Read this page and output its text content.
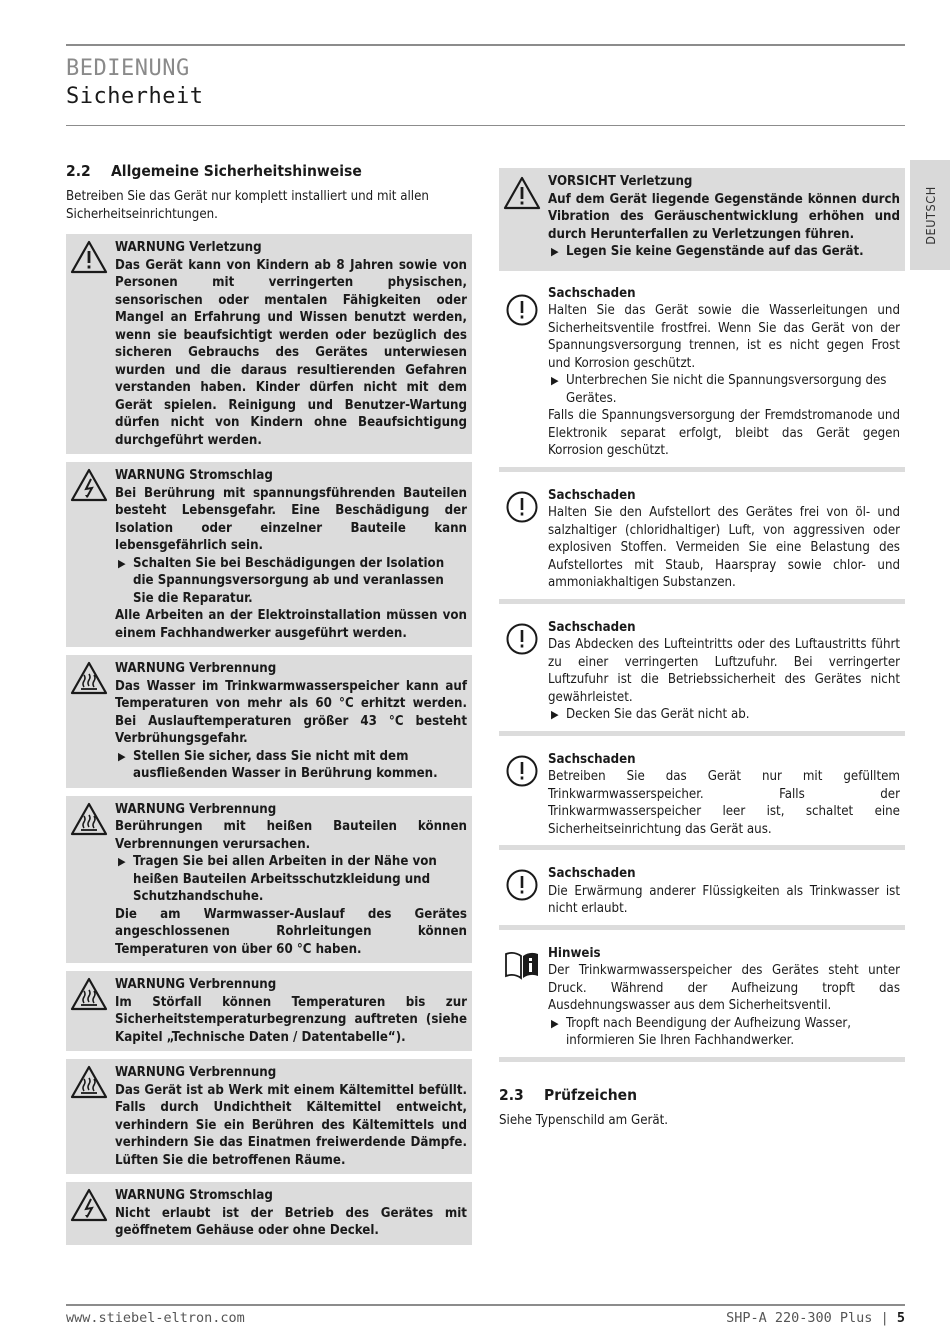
BEDIENUNG
Sicherheit
DEUTSCH
2.2	Allgemeine Sicherheitshinweise

Betreiben Sie das Gerät nur komplett installiert und mit allen Sicherheitseinrichtungen.

WARNUNG Verletzung

Das Gerät kann von Kindern ab 8 Jahren sowie von Personen mit verringerten physischen, sensorischen oder mentalen Fähigkeiten oder Mangel an Erfahrung und Wissen benutzt werden, wenn sie beaufsichtigt werden oder bezüglich des sicheren Gebrauchs des Gerätes unterwiesen wurden und die daraus resultierenden Gefahren verstanden haben. Kinder dürfen nicht mit dem Gerät spielen. Reinigung und Benutzer-Wartung dürfen nicht von Kindern ohne Beaufsichtigung durchgeführt werden.

WARNUNG Stromschlag

Bei Berührung mit spannungsführenden Bauteilen besteht Lebensgefahr. Eine Beschädigung der Isolation oder einzelner Bauteile kann lebensgefährlich sein.

▶ Schalten Sie bei Beschädigungen der Isolation die Spannungsversorgung ab und veranlassen Sie die Reparatur.

Alle Arbeiten an der Elektroinstallation müssen von einem Fachhandwerker ausgeführt werden.

WARNUNG Verbrennung

Das Wasser im Trinkwarmwasserspeicher kann auf Temperaturen von mehr als 60 °C erhitzt werden. Bei Auslauftemperaturen größer 43 °C besteht Verbrühungsgefahr.

▶ Stellen Sie sicher, dass Sie nicht mit dem ausfließenden Wasser in Berührung kommen.

WARNUNG Verbrennung

Berührungen mit heißen Bauteilen können Verbrennungen verursachen.

▶ Tragen Sie bei allen Arbeiten in der Nähe von heißen Bauteilen Arbeitsschutzkleidung und Schutzhandschuhe.

Die am Warmwasser-Auslauf des Gerätes angeschlossenen Rohrleitungen können Temperaturen von über 60 °C haben.

WARNUNG Verbrennung

Im Störfall können Temperaturen bis zur Sicherheitstemperaturbegrenzung auftreten (siehe Kapitel „Technische Daten / Datentabelle“).

WARNUNG Verbrennung

Das Gerät ist ab Werk mit einem Kältemittel befüllt. Falls durch Undichtheit Kältemittel entweicht, verhindern Sie ein Berühren des Kältemittels und verhindern Sie das Einatmen freiwerdende Dämpfe. Lüften Sie die betroffenen Räume.

WARNUNG Stromschlag

Nicht erlaubt ist der Betrieb des Gerätes mit geöffnetem Gehäuse oder ohne Deckel.

VORSICHT Verletzung

Auf dem Gerät liegende Gegenstände können durch Vibration des Geräuschentwicklung erhöhen und durch Herunterfallen zu Verletzungen führen.

▶ Legen Sie keine Gegenstände auf das Gerät.

Sachschaden

Halten Sie das Gerät sowie die Wasserleitungen und Sicherheitsventile frostfrei. Wenn Sie das Gerät von der Spannungsversorgung trennen, ist es nicht gegen Frost und Korrosion geschützt.

▶ Unterbrechen Sie nicht die Spannungsversorgung des Gerätes.

Falls die Spannungsversorgung der Fremdstromanode und Elektronik separat erfolgt, bleibt das Gerät gegen Korrosion geschützt.

Sachschaden

Halten Sie den Aufstellort des Gerätes frei von öl- und salzhaltiger (chloridhaltiger) Luft, von aggressiven oder explosiven Stoffen. Vermeiden Sie eine Belastung des Aufstellortes mit Staub, Haarspray sowie chlor- und ammoniakhaltigen Substanzen.

Sachschaden

Das Abdecken des Lufteintritts oder des Luftaustritts führt zu einer verringerten Luftzufuhr. Bei verringerter Luftzufuhr ist die Betriebssicherheit des Gerätes nicht gewährleistet.

▶ Decken Sie das Gerät nicht ab.

Sachschaden

Betreiben Sie das Gerät nur mit gefülltem Trinkwarmwasserspeicher. Falls der Trinkwarmwasserspeicher leer ist, schaltet eine Sicherheitseinrichtung das Gerät aus.

Sachschaden

Die Erwärmung anderer Flüssigkeiten als Trinkwasser ist nicht erlaubt.

Hinweis

Der Trinkwarmwasserspeicher des Gerätes steht unter Druck. Während der Aufheizung tropft das Ausdehnungswasser aus dem Sicherheitsventil.

▶ Tropft nach Beendigung der Aufheizung Wasser, informieren Sie Ihren Fachhandwerker.

2.3	Prüfzeichen

Siehe Typenschild am Gerät.

www.stiebel-eltron.com	SHP-A 220-300 Plus | 5
